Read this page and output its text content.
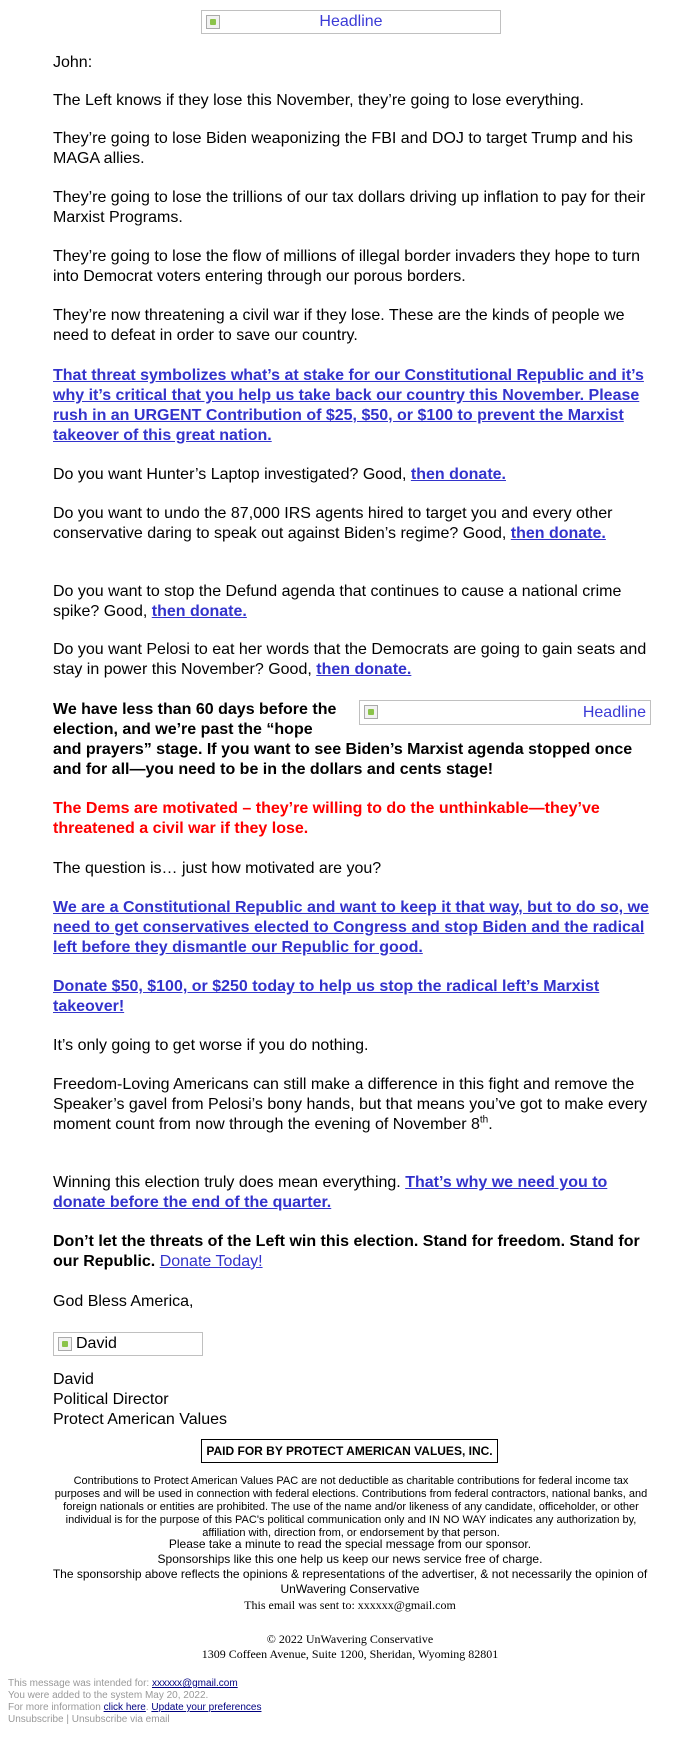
Headline

John:

The Left knows if they lose this November, they’re going to lose everything.

They’re going to lose Biden weaponizing the FBI and DOJ to target Trump and his MAGA allies.

They’re going to lose the trillions of our tax dollars driving up inflation to pay for their Marxist Programs.

They’re going to lose the flow of millions of illegal border invaders they hope to turn into Democrat voters entering through our porous borders.

They’re now threatening a civil war if they lose. These are the kinds of people we need to defeat in order to save our country.

That threat symbolizes what’s at stake for our Constitutional Republic and it’s why it’s critical that you help us take back our country this November. Please rush in an URGENT Contribution of $25, $50, or $100 to prevent the Marxist takeover of this great nation.

Do you want Hunter’s Laptop investigated? Good, then donate.

Do you want to undo the 87,000 IRS agents hired to target you and every other conservative daring to speak out against Biden’s regime? Good, then donate.

Do you want to stop the Defund agenda that continues to cause a national crime spike? Good, then donate.

Do you want Pelosi to eat her words that the Democrats are going to gain seats and stay in power this November? Good, then donate.

Headline

We have less than 60 days before the election, and we’re past the “hope and prayers” stage. If you want to see Biden’s Marxist agenda stopped once and for all—you need to be in the dollars and cents stage!

The Dems are motivated – they’re willing to do the unthinkable—they’ve threatened a civil war if they lose.

The question is… just how motivated are you?

We are a Constitutional Republic and want to keep it that way, but to do so, we need to get conservatives elected to Congress and stop Biden and the radical left before they dismantle our Republic for good.

Donate $50, $100, or $250 today to help us stop the radical left’s Marxist takeover!

It’s only going to get worse if you do nothing.

Freedom-Loving Americans can still make a difference in this fight and remove the Speaker’s gavel from Pelosi’s bony hands, but that means you’ve got to make every moment count from now through the evening of November 8th.

Winning this election truly does mean everything. That’s why we need you to donate before the end of the quarter.

Don’t let the threats of the Left win this election. Stand for freedom. Stand for our Republic. Donate Today!

God Bless America,

David

David

Political Director

Protect American Values

PAID FOR BY PROTECT AMERICAN VALUES, INC.
Contributions to Protect American Values PAC are not deductible as charitable contributions for federal income tax purposes and will be used in connection with federal elections. Contributions from federal contractors, national banks, and foreign nationals or entities are prohibited. The use of the name and/or likeness of any candidate, officeholder, or other individual is for the purpose of this PAC's political communication only and IN NO WAY indicates any authorization by, affiliation with, direction from, or endorsement by that person.
Please take a minute to read the special message from our sponsor.
Sponsorships like this one help us keep our news service free of charge.
The sponsorship above reflects the opinions & representations of the advertiser, & not necessarily the opinion of UnWavering Conservative
This email was sent to: xxxxxx@gmail.com
© 2022 UnWavering Conservative
1309 Coffeen Avenue, Suite 1200, Sheridan, Wyoming 82801
This message was intended for: xxxxxx@gmail.com
You were added to the system May 20, 2022.
For more information click here. Update your preferences
Unsubscribe | Unsubscribe via email
